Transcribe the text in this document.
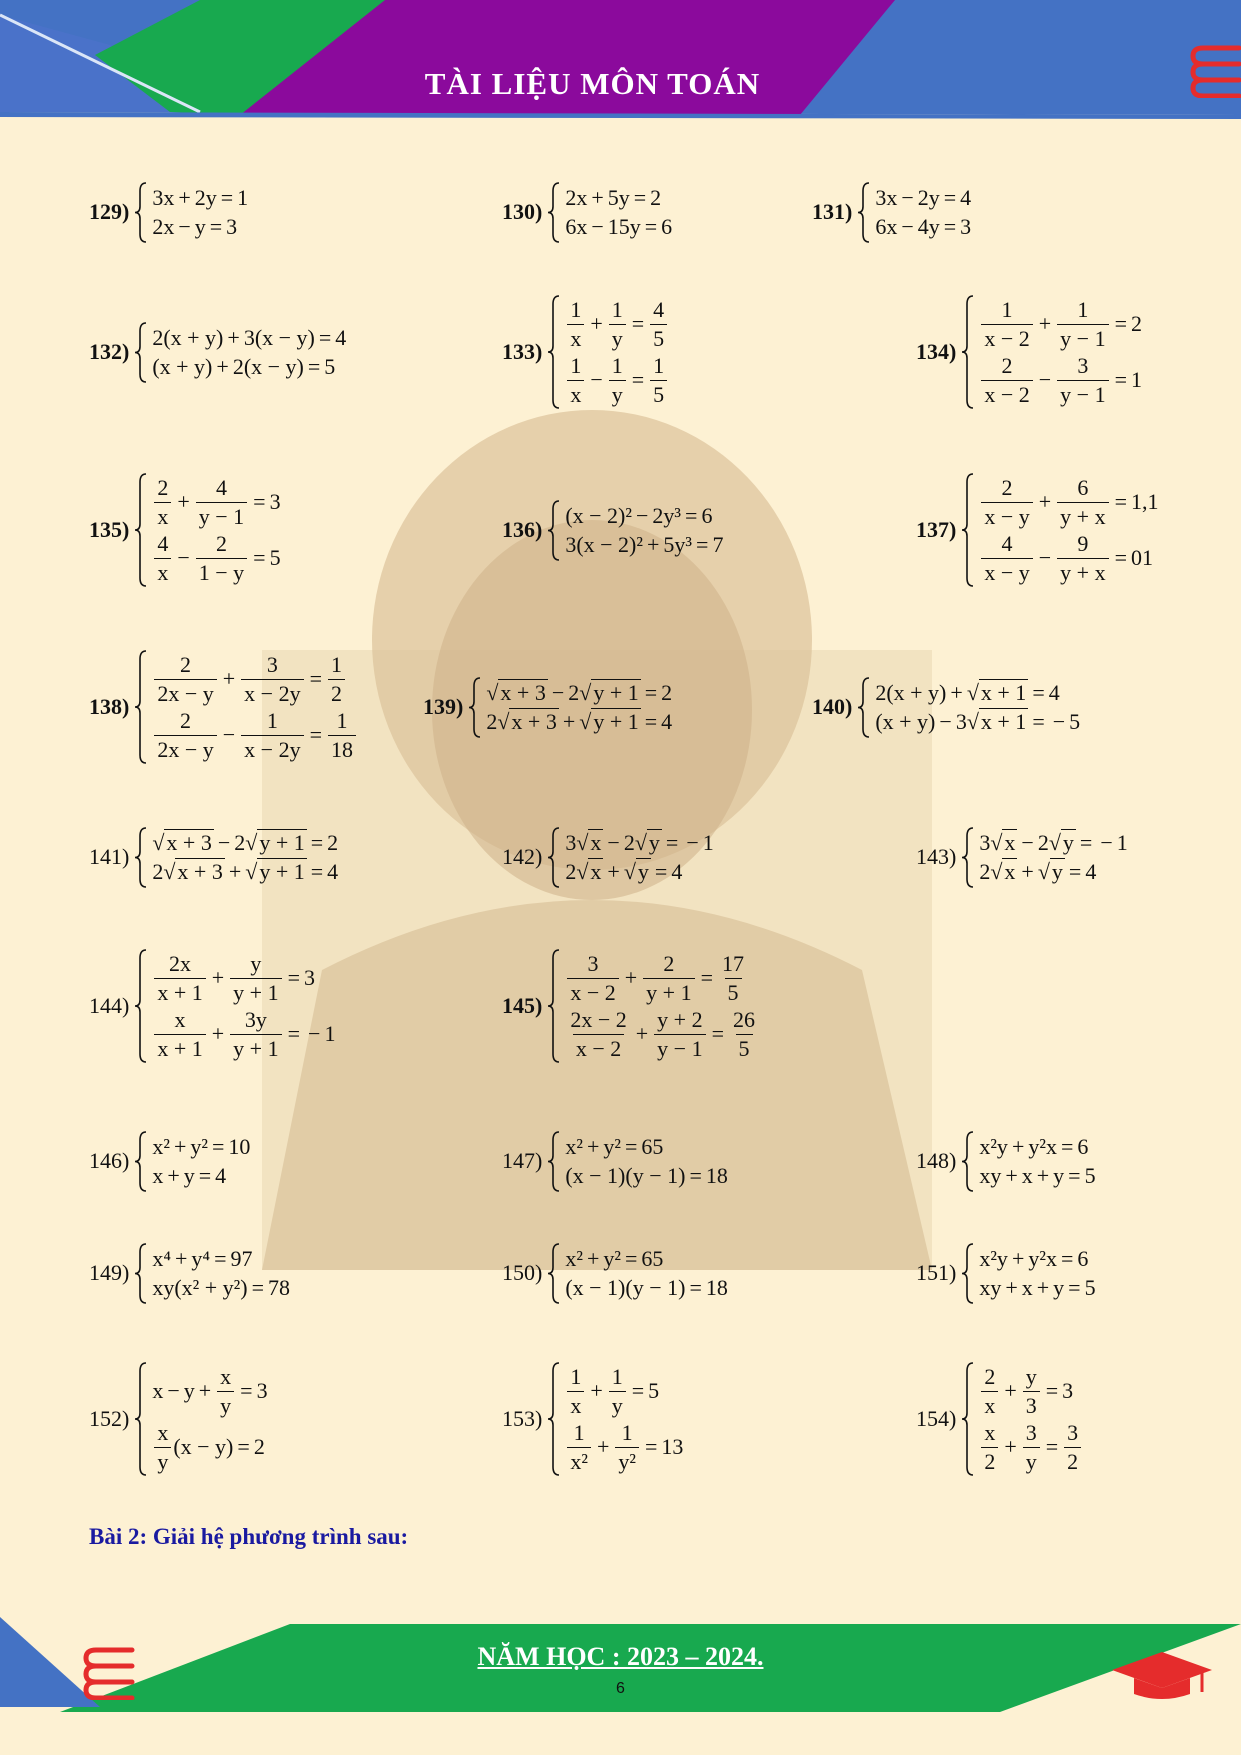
TÀI LIỆU MÔN TOÁN
129)
3x + 2y = 1
2x − y = 3
130)
2x + 5y = 2
6x − 15y = 6
131)
3x − 2y = 4
6x − 4y = 3
132)
2 (x + y) + 3 (x − y) = 4
(x + y) + 2 (x − y) = 5
$133) \frac{1}{x} + \frac{1}{y} = \frac{4}{5}$
$\frac{1}{x} - \frac{1}{y} = \frac{1}{5}$
$134) \frac{1}{x - 2} + \frac{1}{y - 1} = 2$
$\frac{2}{x - 2} - \frac{3}{y - 1} = 1$
$135) \frac{2}{x} + \frac{4}{y - 1} = 3$
$\frac{4}{x} - \frac{2}{1 - y} = 5$
136)
(x − 2) ² − 2y³ = 6
3 (x − 2) ² + 5y³ = 7
$137) \frac{2}{x - y} + \frac{6}{y + x} = 1,1$
$\frac{4}{x - y} - \frac{9}{y + x} = 01$
$138) \frac{2}{2x - y} + \frac{3}{x - 2y} = \frac{1}{2}$
$\frac{2}{2x - y} - \frac{1}{x - 2y} = \frac{1}{18}$
139)
√x + 3 − 2 √y + 1 = 2
2 √x + 3 + √y + 1 = 4
140)
2 (x + y) + √x + 1 = 4
(x + y) − 3 √x + 1 = − 5
141)
√x + 3 − 2 √y + 1 = 2
2 √x + 3 + √y + 1 = 4
142)
3 √x − 2 √y = − 1
2 √x + √y = 4
143)
3 √x − 2 √y = − 1
2 √x + √y = 4
$144) \frac{2x}{x + 1} + \frac{y}{y + 1} = 3$
$\frac{x}{x + 1} + \frac{3y}{y + 1}$ = − 1
$145) \frac{3}{x - 2} + \frac{2}{y + 1} = \frac{17}{5}$
$\frac{2x - 2}{x - 2} + \frac{y + 2}{y - 1} = \frac{26}{5}$
146)
x² + y² = 10
x + y = 4
147)
x² + y² = 65
(x − 1) (y − 1) = 18
148)
x²y + y²x = 6
xy + x + y = 5
149)
x⁴ + y⁴ = 97
xy (x² + y²) = 78
150)
x² + y² = 65
(x − 1) (y − 1) = 18
151)
x²y + y²x = 6
xy + x + y = 5
152)
$x - y + \frac{x}{y} = 3$
$\frac{x}{y} (x - y) = 2$
$153) \frac{1}{x} + \frac{1}{y} = 5$
$\frac{1}{\text{x²}} + \frac{1}{\text{y²}} = 13$
$154) \frac{2}{x} + \frac{y}{3} = 3$
$\frac{x}{2} + \frac{3}{y} = \frac{3}{2}$
Bài 2: Giải hệ phương trình sau:
NĂM HỌC : 2023 – 2024.
6
